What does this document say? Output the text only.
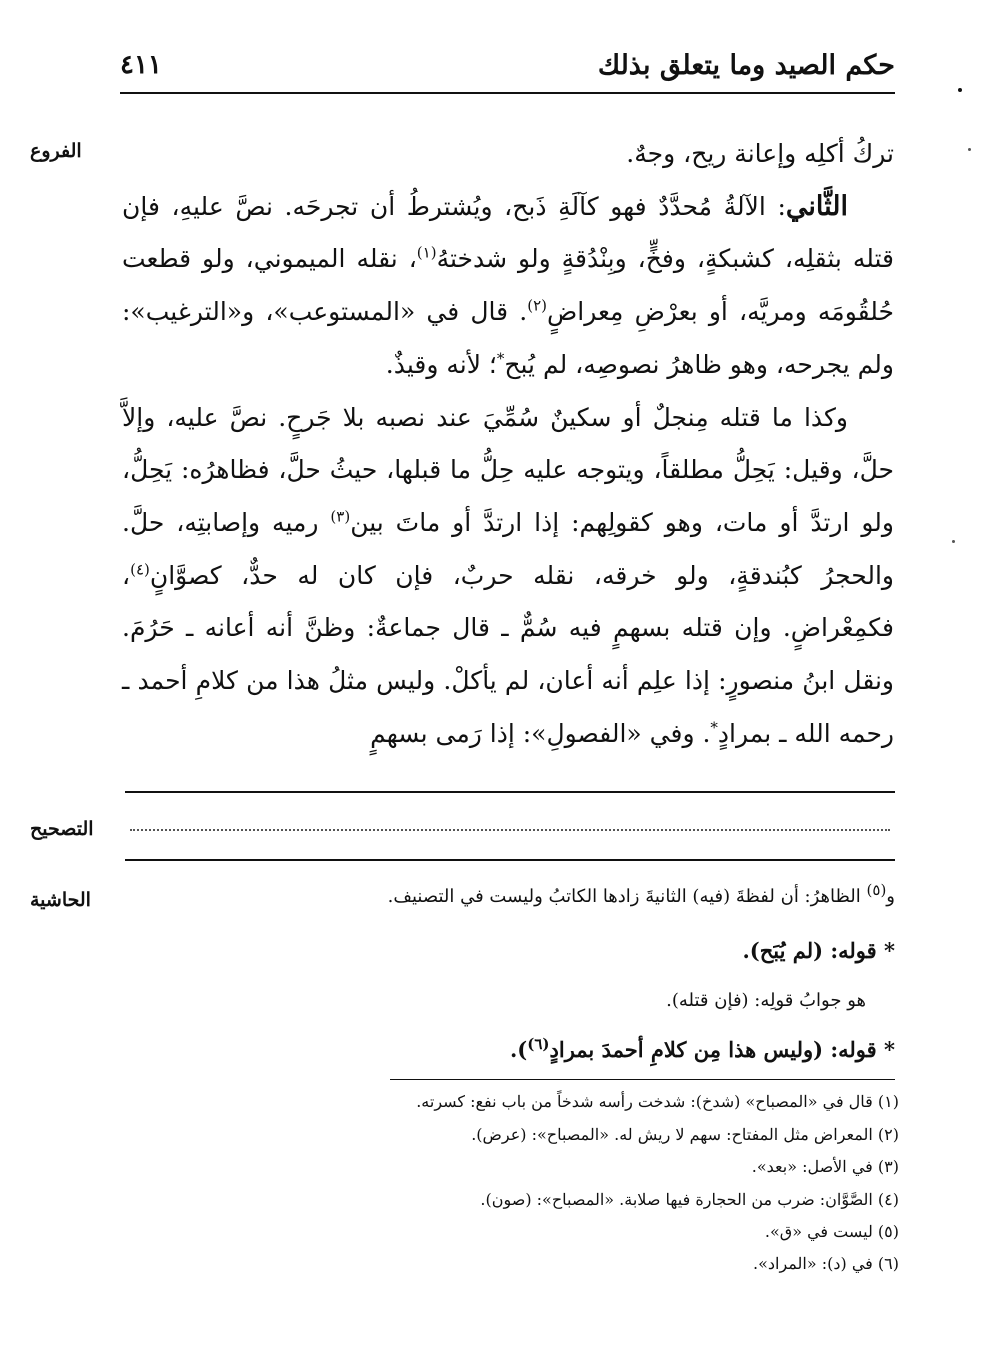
حكم الصيد وما يتعلق بذلك
٤١١
الفروع
التصحيح
الحاشية

تركُ أكلِه وإعانة ريح، وجهٌ.

الثَّاني: الآلةُ مُحدَّدٌ فهو كآلَةِ ذَبح، ويُشترطُ أن تجرحَه. نصَّ عليهِ، فإن قتله بثقلِه، كشبكةٍ، وفخٍّ، وبِنْدُقةٍ ولو شدختهُ$^{(١)}$، نقله الميموني، ولو قطعت حُلقُومَه ومريَّه، أو بعرْضِ مِعراضٍ$^{(٢)}$. قال في «المستوعب»، و«الترغيب»: ولم يجرحه، وهو ظاهرُ نصوصِه، لم يُبح*؛ لأنه وقيذٌ.

وكذا ما قتله مِنجلٌ أو سكينٌ سُمِّيَ عند نصبه بلا جَرحٍ. نصَّ عليه، وإلاَّ حلَّ، وقيل: يَحِلُّ مطلقاً، ويتوجه عليه حِلُّ ما قبلها، حيثُ حلَّ، فظاهرُه: يَحِلُّ، ولو ارتدَّ أو مات، وهو كقولِهم: إذا ارتدَّ أو ماتَ بين$^{(٣)}$ رميه وإصابتِه، حلَّ. والحجرُ كبُندقةٍ، ولو خرقه، نقله حربٌ، فإن كان له حدٌّ، كصوَّانٍ$^{(٤)}$، فكمِعْراضٍ. وإن قتله بسهمٍ فيه سُمٌّ ـ قال جماعةٌ: وظنَّ أنه أعانه ـ حَرُمَ. ونقل ابنُ منصورٍ: إذا علِم أنه أعان، لم يأكلْ. وليس مثلُ هذا من كلامِ أحمد ـ رحمه الله ـ بمرادٍ*. وفي «الفصولِ»: إذا رَمى بسهمٍ

و$^{(٥)}$ الظاهرُ: أن لفظةَ (فيه) الثانيةَ زادها الكاتبُ وليست في التصنيف.
* قوله: (لم يُبَح).
هو جوابُ قولِه: (فإن قتله).
* قوله: (وليس هذا مِن كلامِ أحمدَ بمرادٍ$^{(٦)}$).
(١) قال في «المصباح» (شدخ): شدخت رأسه شدخاً من باب نفع: كسرته.
(٢) المعراض مثل المفتاح: سهم لا ريش له. «المصباح»: (عرض).
(٣) في الأصل: «بعد».
(٤) الصَّوَّان: ضرب من الحجارة فيها صلابة. «المصباح»: (صون).
(٥) ليست في «ق».
(٦) في (د): «المراد».
